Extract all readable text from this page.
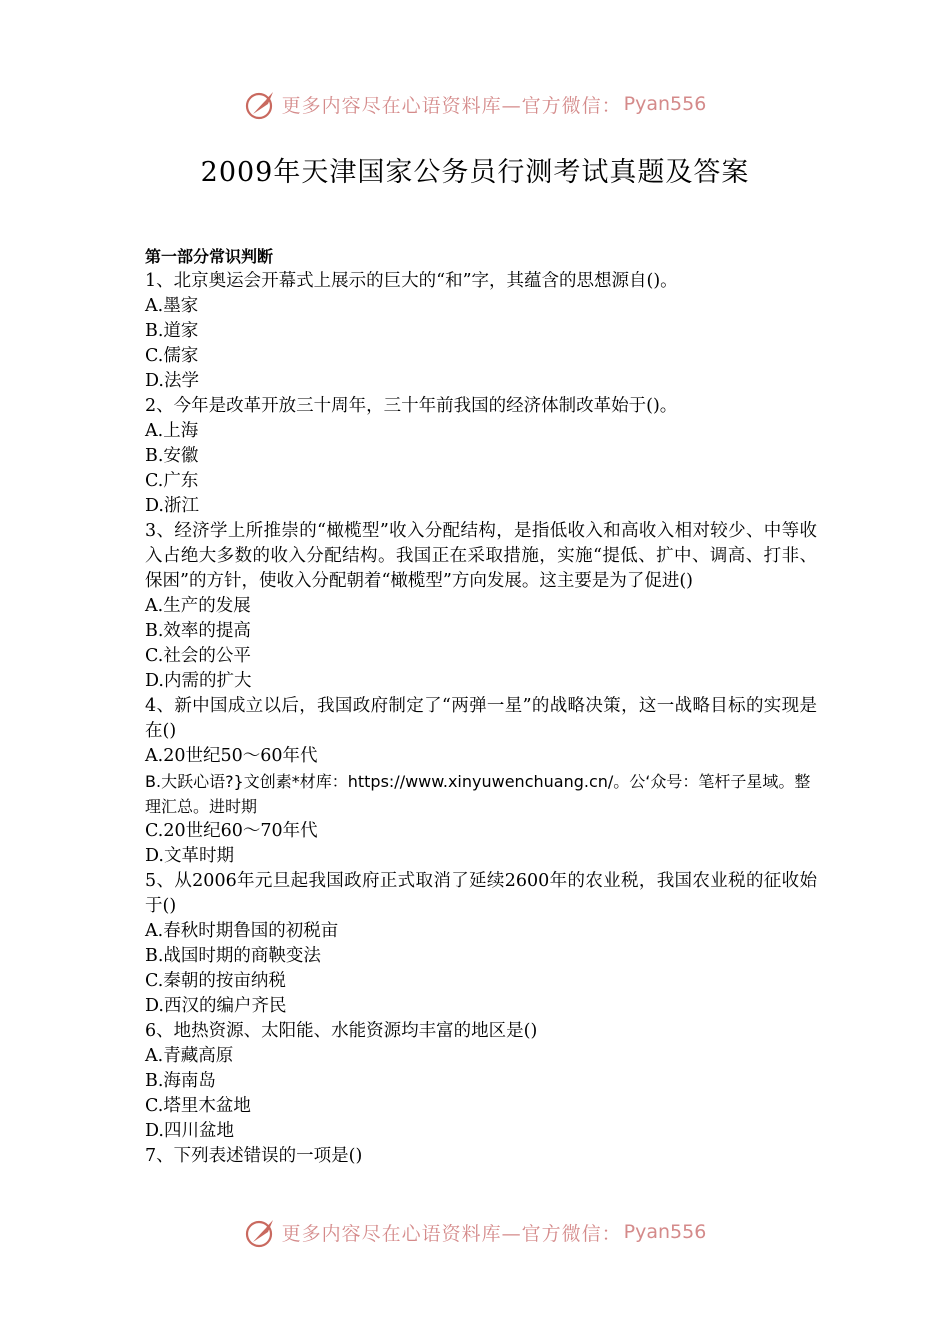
更多内容尽在心语资料库—官方微信： Pyan556
2009年天津国家公务员行测考试真题及答案

第一部分常识判断

1、北京奥运会开幕式上展示的巨大的“和”字，其蕴含的思想源自()。

A.墨家

B.道家

C.儒家

D.法学

2、今年是改革开放三十周年，三十年前我国的经济体制改革始于()。

A.上海

B.安徽

C.广东

D.浙江

3、经济学上所推崇的“橄榄型”收入分配结构，是指低收入和高收入相对较少、中等收入占绝大多数的收入分配结构。我国正在采取措施，实施“提低、扩中、调高、打非、保困”的方针，使收入分配朝着“橄榄型”方向发展。这主要是为了促进()

A.生产的发展

B.效率的提高

C.社会的公平

D.内需的扩大

4、新中国成立以后，我国政府制定了“两弹一星”的战略决策，这一战略目标的实现是在()

A.20世纪50～60年代

B.大跃心语?}文创素*材库：https://www.xinyuwenchuang.cn/。公‘众号：笔杆子星域。整理汇总。进时期

C.20世纪60～70年代

D.文革时期

5、从2006年元旦起我国政府正式取消了延续2600年的农业税，我国农业税的征收始于()

A.春秋时期鲁国的初税亩

B.战国时期的商鞅变法

C.秦朝的按亩纳税

D.西汉的编户齐民

6、地热资源、太阳能、水能资源均丰富的地区是()

A.青藏高原

B.海南岛

C.塔里木盆地

D.四川盆地

7、下列表述错误的一项是()

更多内容尽在心语资料库—官方微信： Pyan556
